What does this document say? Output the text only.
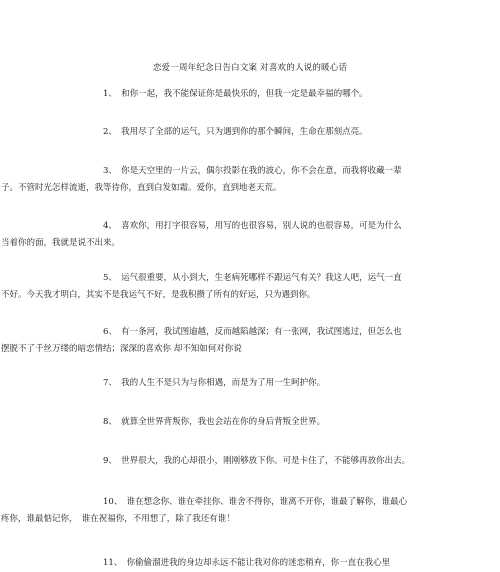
恋爱一周年纪念日告白文案 对喜欢的人说的暖心话
1、　和你一起，我不能保证你是最快乐的，但我一定是最幸福的哪个。
2、　我用尽了全部的运气，只为遇到你的那个瞬间，生命在那刻点亮。
3、　你是天空里的一片云，偶尔投影在我的波心，你不会在意，而我将收藏一辈
子。不管时光怎样流逝，我等待你，直到白发如霜。爱你，直到地老天荒。
4、　喜欢你，用打字很容易，用写的也很容易，别人说的也很容易，可是为什么
当着你的面，我就是说不出来。
5、　运气很重要，从小到大，生老病死哪样不跟运气有关？我这人吧，运气一直
不好。今天我才明白，其实不是我运气不好，是我积攒了所有的好运，只为遇到你。
6、　有一条河，我试图逾越，反而越陷越深；有一张网，我试图逃过，但怎么也
摆脱不了千丝万缕的暗恋情结；深深的喜欢你 却不知如何对你说
7、　我的人生不是只为与你相遇，而是为了用一生呵护你。
8、　就算全世界背叛你，我也会站在你的身后背叛全世界。
9、　世界很大，我的心却很小，刚刚够放下你。可是卡住了，不能够再放你出去。
10、　谁在想念你、谁在牵挂你、谁舍不得你，谁离不开你，谁最了解你，谁最心
疼你，谁最惦记你，　谁在祝福你，不用想了，除了我还有谁！
11、　你偷偷溜进我的身边却永远不能让我对你的迷恋稍弃，你一直在我心里
